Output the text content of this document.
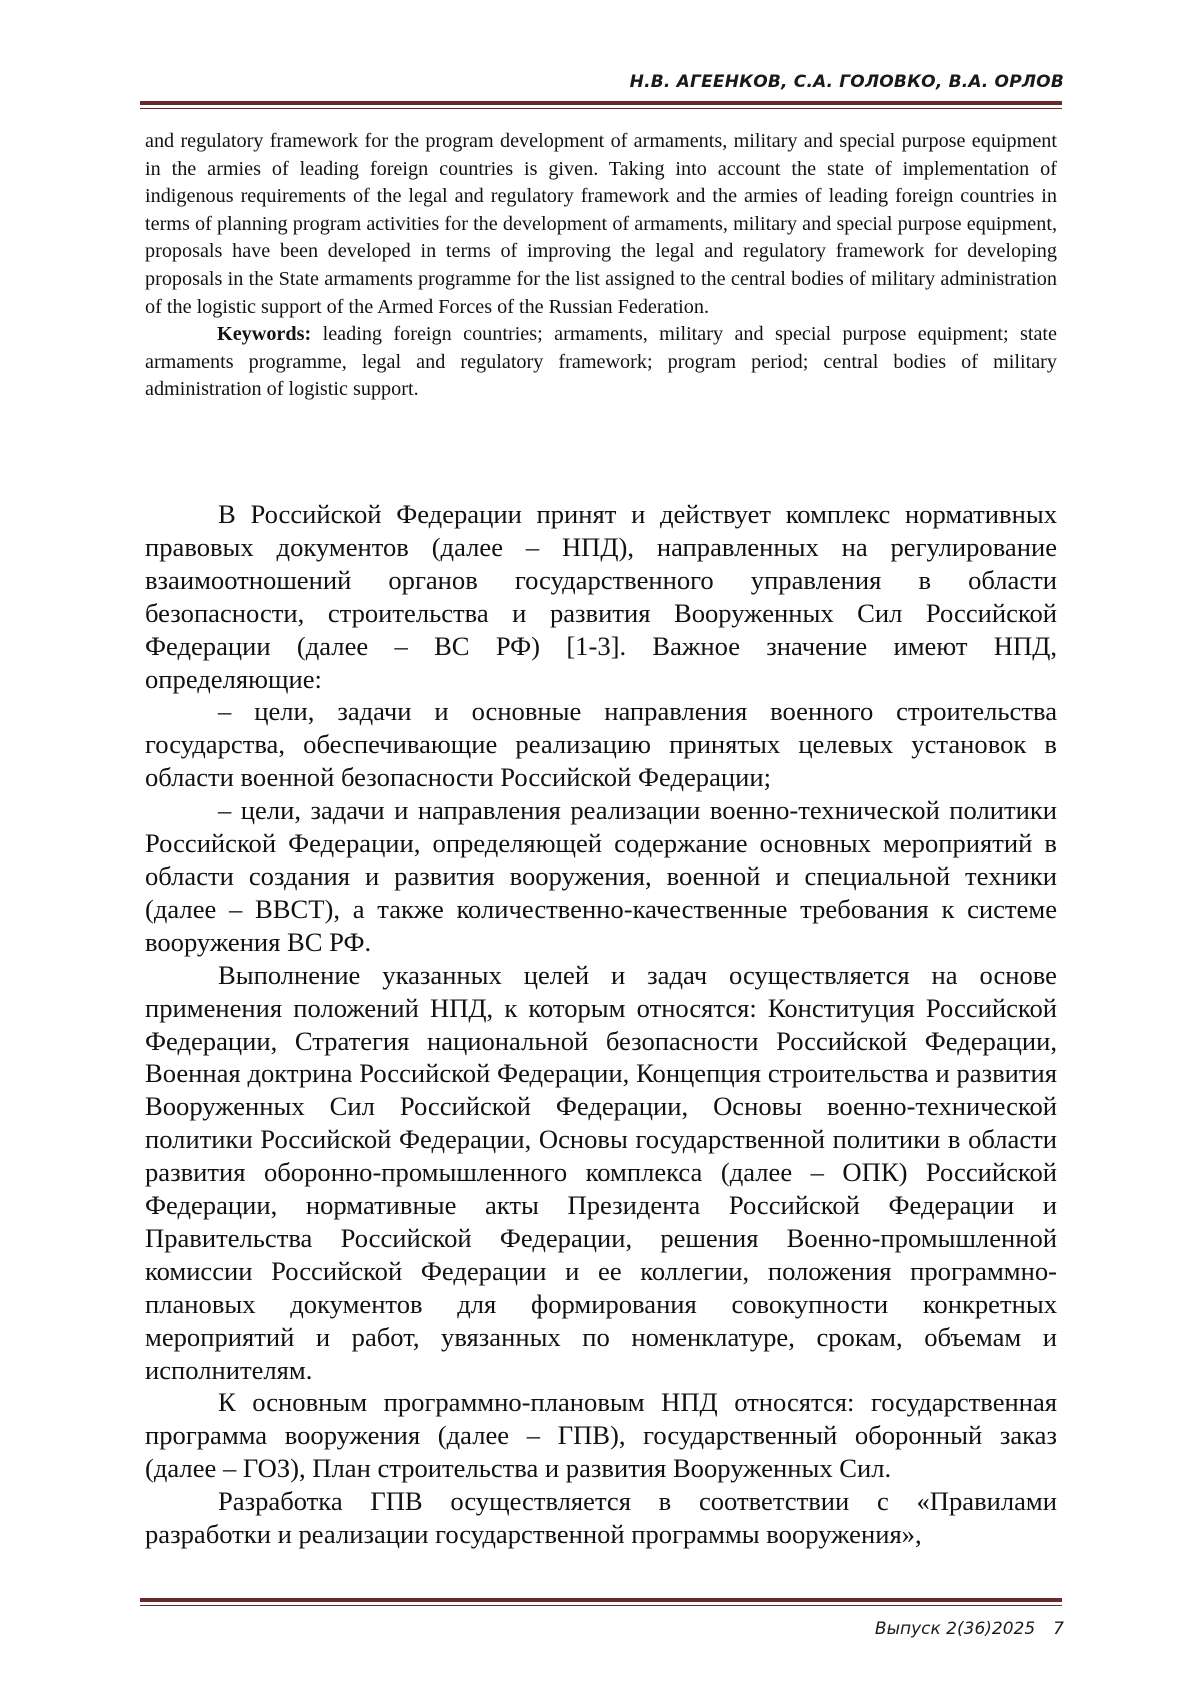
Н.В. АГЕЕНКОВ, С.А. ГОЛОВКО, В.А. ОРЛОВ

and regulatory framework for the program development of armaments, military and special purpose equipment in the armies of leading foreign countries is given. Taking into account the state of implementation of indigenous requirements of the legal and regulatory framework and the armies of leading foreign countries in terms of planning program activities for the development of armaments, military and special purpose equipment, proposals have been developed in terms of improving the legal and regulatory framework for developing proposals in the State armaments programme for the list assigned to the central bodies of military administration of the logistic support of the Armed Forces of the Russian Federation.

Keywords: leading foreign countries; armaments, military and special purpose equipment; state armaments programme, legal and regulatory framework; program period; central bodies of military administration of logistic support.

В Российской Федерации принят и действует комплекс нормативных правовых документов (далее – НПД), направленных на регулирование взаимоотношений органов государственного управления в области безопасности, строительства и развития Вооруженных Сил Российской Федерации (далее – ВС РФ) [1-3]. Важное значение имеют НПД, определяющие:

– цели, задачи и основные направления военного строительства государства, обеспечивающие реализацию принятых целевых установок в области военной безопасности Российской Федерации;

– цели, задачи и направления реализации военно-технической политики Российской Федерации, определяющей содержание основных мероприятий в области создания и развития вооружения, военной и специальной техники (далее – ВВСТ), а также количественно-качественные требования к системе вооружения ВС РФ.

Выполнение указанных целей и задач осуществляется на основе применения положений НПД, к которым относятся: Конституция Российской Федерации, Стратегия национальной безопасности Российской Федерации, Военная доктрина Российской Федерации, Концепция строительства и развития Вооруженных Сил Российской Федерации, Основы военно-технической политики Российской Федерации, Основы государственной политики в области развития оборонно-промышленного комплекса (далее – ОПК) Российской Федерации, нормативные акты Президента Российской Федерации и Правительства Российской Федерации, решения Военно-промышленной комиссии Российской Федерации и ее коллегии, положения программно-плановых документов для формирования совокупности конкретных мероприятий и работ, увязанных по номенклатуре, срокам, объемам и исполнителям.

К основным программно-плановым НПД относятся: государственная программа вооружения (далее – ГПВ), государственный оборонный заказ (далее – ГОЗ), План строительства и развития Вооруженных Сил.

Разработка ГПВ осуществляется в соответствии с «Правилами разработки и реализации государственной программы вооружения»,

Выпуск 2(36)2025 7
